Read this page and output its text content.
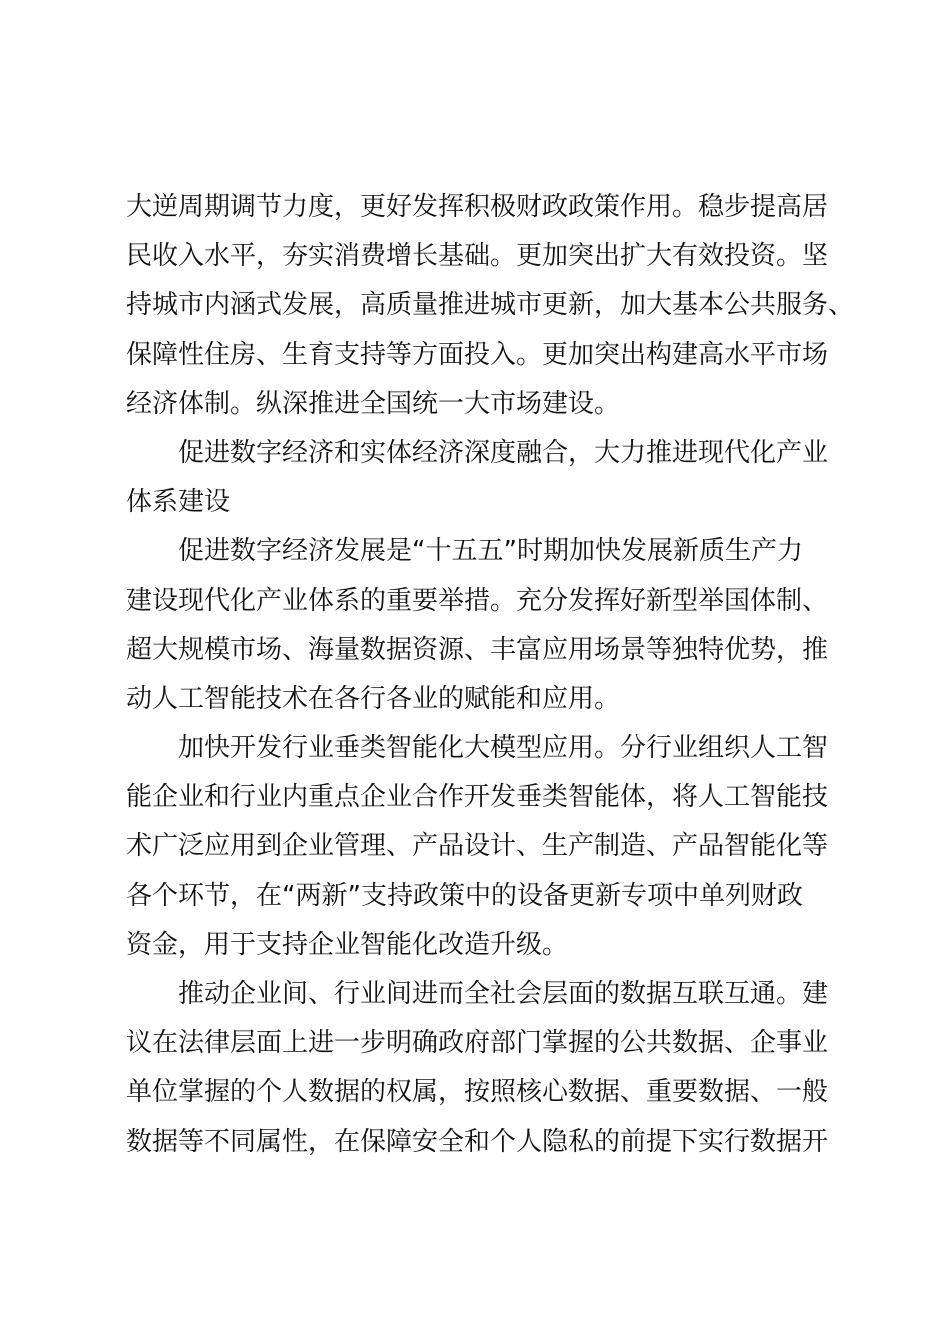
大逆周期调节力度，更好发挥积极财政政策作用。稳步提高居
民收入水平，夯实消费增长基础。更加突出扩大有效投资。坚
持城市内涵式发展，高质量推进城市更新，加大基本公共服务、
保障性住房、生育支持等方面投入。更加突出构建高水平市场
经济体制。纵深推进全国统一大市场建设。
促进数字经济和实体经济深度融合，大力推进现代化产业
体系建设
促进数字经济发展是“十五五”时期加快发展新质生产力
建设现代化产业体系的重要举措。充分发挥好新型举国体制、
超大规模市场、海量数据资源、丰富应用场景等独特优势，推
动人工智能技术在各行各业的赋能和应用。
加快开发行业垂类智能化大模型应用。分行业组织人工智
能企业和行业内重点企业合作开发垂类智能体，将人工智能技
术广泛应用到企业管理、产品设计、生产制造、产品智能化等
各个环节，在“两新”支持政策中的设备更新专项中单列财政
资金，用于支持企业智能化改造升级。
推动企业间、行业间进而全社会层面的数据互联互通。建
议在法律层面上进一步明确政府部门掌握的公共数据、企事业
单位掌握的个人数据的权属，按照核心数据、重要数据、一般
数据等不同属性，在保障安全和个人隐私的前提下实行数据开
